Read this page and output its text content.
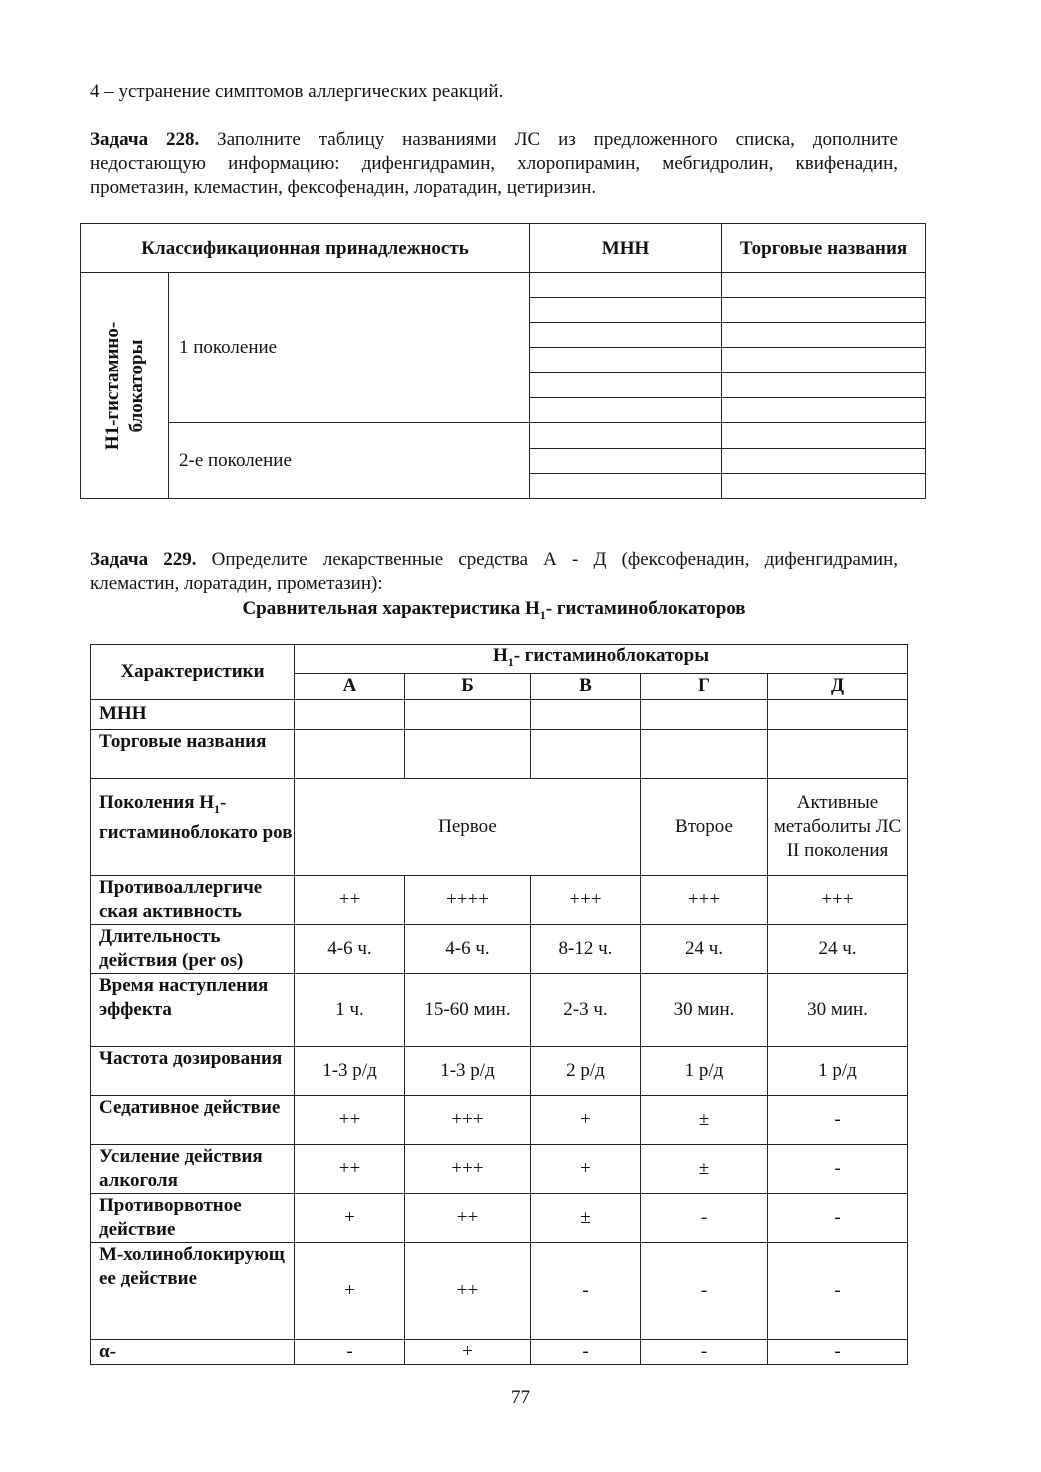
4 – устранение симптомов аллергических реакций.
Задача 228. Заполните таблицу названиями ЛС из предложенного списка, дополните недостающую информацию: дифенгидрамин, хлоропирамин, мебгидролин, квифенадин, прометазин, клемастин, фексофенадин, лоратадин, цетиризин.
Классификационная принадлежность		МНН	Торговые названия

Н1-гистамино- блокаторы	1 поколение		

	2-е поколение		

Задача 229. Определите лекарственные средства А - Д (фексофенадин, дифенгидрамин, клемастин, лоратадин, прометазин):
Сравнительная характеристика $Н_1-$ гистаминоблокаторов
Характеристики	$Н_1-$ гистаминоблокаторы				
	А	Б	В	Г	Д
МНН					
Торговые названия					
Поколения $Н_1$-гистаминоблокато ров	Первое			Второе	Активные метаболиты ЛС II поколения
Противоаллергиче ская активность	++	++++	+++	+++	+++
Длительность действия (per os)	4-6 ч.	4-6 ч.	8-12 ч.	24 ч.	24 ч.
Время наступления эффекта	1 ч.	15-60 мин.	2-3 ч.	30 мин.	30 мин.
Частота дозирования	1-3 р/д	1-3 р/д	2 р/д	1 р/д	1 р/д
Седативное действие	++	+++	+	±	-
Усиление действия алкоголя	++	+++	+	±	-
Противорвотное действие	+	++	±	-	-
М-холиноблокирующ ее действие	+	++	-	-	-
α-	-	+	-	-	-
77
